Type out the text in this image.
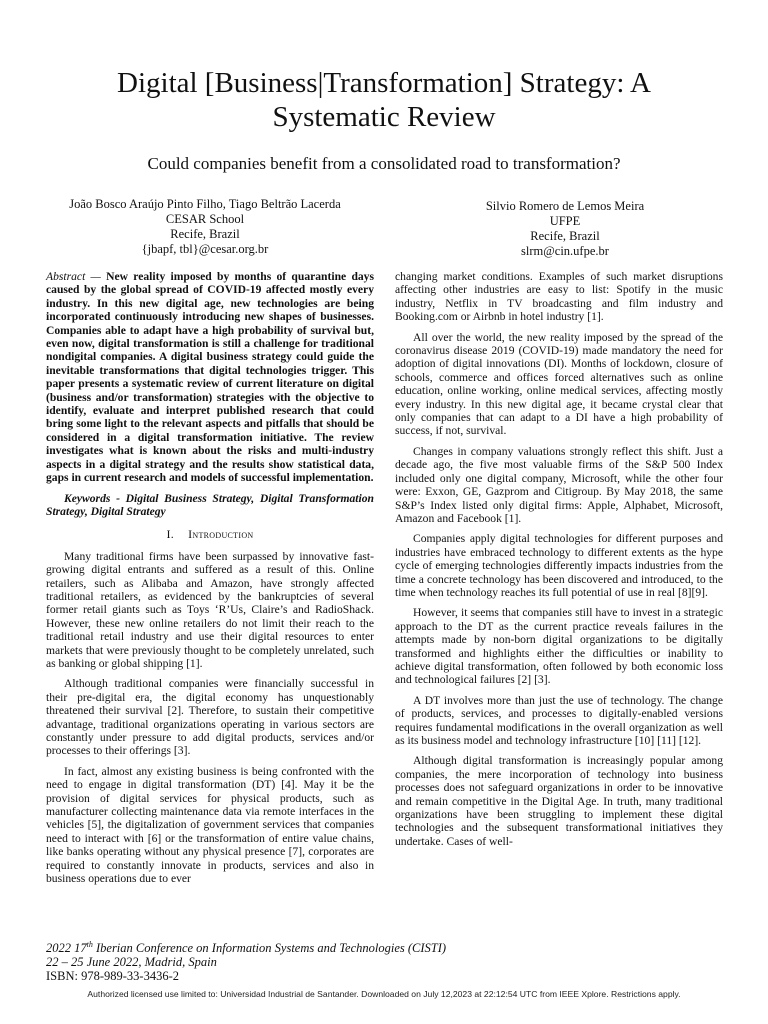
Digital [Business|Transformation] Strategy: A
Systematic Review
Could companies benefit from a consolidated road to transformation?
João Bosco Araújo Pinto Filho, Tiago Beltrão Lacerda
CESAR School
Recife, Brazil
{jbapf, tbl}@cesar.org.br
Silvio Romero de Lemos Meira
UFPE
Recife, Brazil
slrm@cin.ufpe.br

Abstract — New reality imposed by months of quarantine days caused by the global spread of COVID-19 affected mostly every industry. In this new digital age, new technologies are being incorporated continuously introducing new shapes of businesses. Companies able to adapt have a high probability of survival but, even now, digital transformation is still a challenge for traditional nondigital companies. A digital business strategy could guide the inevitable transformations that digital technologies trigger. This paper presents a systematic review of current literature on digital (business and/or transformation) strategies with the objective to identify, evaluate and interpret published research that could bring some light to the relevant aspects and pitfalls that should be considered in a digital transformation initiative. The review investigates what is known about the risks and multi-industry aspects in a digital strategy and the results show statistical data, gaps in current research and models of successful implementation.

Keywords - Digital Business Strategy, Digital Transformation Strategy, Digital Strategy

I. Introduction

Many traditional firms have been surpassed by innovative fast-growing digital entrants and suffered as a result of this. Online retailers, such as Alibaba and Amazon, have strongly affected traditional retailers, as evidenced by the bankruptcies of several former retail giants such as Toys ‘R’Us, Claire’s and RadioShack. However, these new online retailers do not limit their reach to the traditional retail industry and use their digital resources to enter markets that were previously thought to be completely unrelated, such as banking or global shipping [1].

Although traditional companies were financially successful in their pre-digital era, the digital economy has unquestionably threatened their survival [2]. Therefore, to sustain their competitive advantage, traditional organizations operating in various sectors are constantly under pressure to add digital products, services and/or processes to their offerings [3].

In fact, almost any existing business is being confronted with the need to engage in digital transformation (DT) [4]. May it be the provision of digital services for physical products, such as manufacturer collecting maintenance data via remote interfaces in the vehicles [5], the digitalization of government services that companies need to interact with [6] or the transformation of entire value chains, like banks operating without any physical presence [7], corporates are required to constantly innovate in products, services and also in business operations due to ever

changing market conditions. Examples of such market disruptions affecting other industries are easy to list: Spotify in the music industry, Netflix in TV broadcasting and film industry and Booking.com or Airbnb in hotel industry [1].

All over the world, the new reality imposed by the spread of the coronavirus disease 2019 (COVID-19) made mandatory the need for adoption of digital innovations (DI). Months of lockdown, closure of schools, commerce and offices forced alternatives such as online education, online working, online medical services, affecting mostly every industry. In this new digital age, it became crystal clear that only companies that can adapt to a DI have a high probability of success, if not, survival.

Changes in company valuations strongly reflect this shift. Just a decade ago, the five most valuable firms of the S&P 500 Index included only one digital company, Microsoft, while the other four were: Exxon, GE, Gazprom and Citigroup. By May 2018, the same S&P’s Index listed only digital firms: Apple, Alphabet, Microsoft, Amazon and Facebook [1].

Companies apply digital technologies for different purposes and industries have embraced technology to different extents as the hype cycle of emerging technologies differently impacts industries from the time a concrete technology has been discovered and introduced, to the time when technology reaches its full potential of use in real [8][9].

However, it seems that companies still have to invest in a strategic approach to the DT as the current practice reveals failures in the attempts made by non-born digital organizations to be digitally transformed and highlights either the difficulties or inability to achieve digital transformation, often followed by both economic loss and technological failures [2] [3].

A DT involves more than just the use of technology. The change of products, services, and processes to digitally-enabled versions requires fundamental modifications in the overall organization as well as its business model and technology infrastructure [10] [11] [12].

Although digital transformation is increasingly popular among companies, the mere incorporation of technology into business processes does not safeguard organizations in order to be innovative and remain competitive in the Digital Age. In truth, many traditional organizations have been struggling to implement these digital technologies and the subsequent transformational initiatives they undertake. Cases of well-

2022 17th Iberian Conference on Information Systems and Technologies (CISTI)
22 – 25 June 2022, Madrid, Spain
ISBN: 978-989-33-3436-2
Authorized licensed use limited to: Universidad Industrial de Santander. Downloaded on July 12,2023 at 22:12:54 UTC from IEEE Xplore. Restrictions apply.
